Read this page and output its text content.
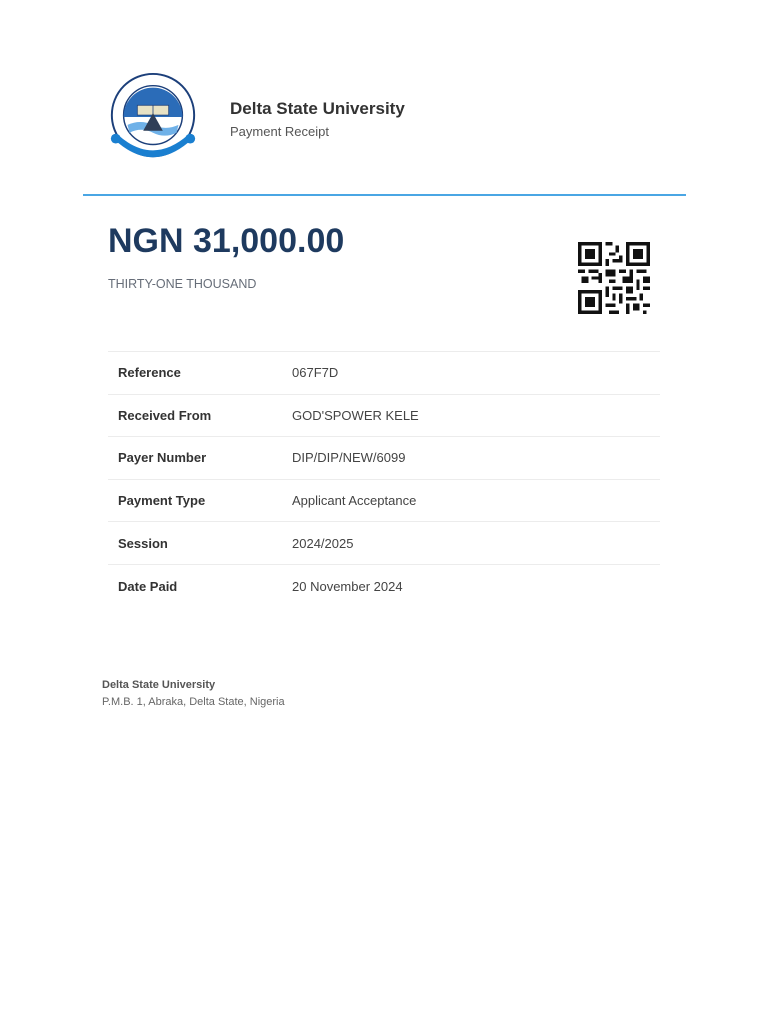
Delta State University
Payment Receipt
NGN 31,000.00
THIRTY-ONE THOUSAND
Reference	067F7D
Received From	GOD'SPOWER KELE
Payer Number	DIP/DIP/NEW/6099
Payment Type	Applicant Acceptance
Session	2024/2025
Date Paid	20 November 2024
Delta State University
P.M.B. 1, Abraka, Delta State, Nigeria
